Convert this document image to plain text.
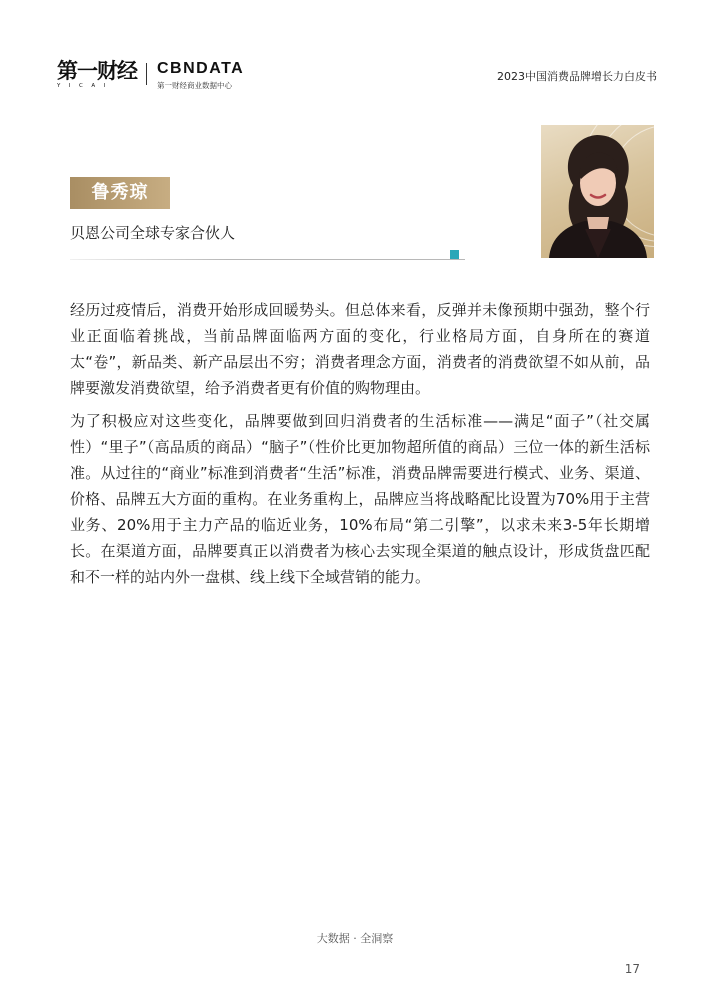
第一财经
YICAI
CBNDATA
第一财经商业数据中心
2023中国消费品牌增长力白皮书
鲁秀琼
贝恩公司全球专家合伙人

经历过疫情后，消费开始形成回暖势头。但总体来看，反弹并未像预期中强劲，整个行业正面临着挑战，当前品牌面临两方面的变化，行业格局方面，自身所在的赛道太“卷”，新品类、新产品层出不穷；消费者理念方面，消费者的消费欲望不如从前，品牌要激发消费欲望，给予消费者更有价值的购物理由。

为了积极应对这些变化，品牌要做到回归消费者的生活标准——满足“面子”（社交属性）“里子”（高品质的商品）“脑子”（性价比更加物超所值的商品）三位一体的新生活标准。从过往的“商业”标准到消费者“生活”标准，消费品牌需要进行模式、业务、渠道、价格、品牌五大方面的重构。在业务重构上，品牌应当将战略配比设置为70%用于主营业务、20%用于主力产品的临近业务，10%布局“第二引擎”，以求未来3-5年长期增长。在渠道方面，品牌要真正以消费者为核心去实现全渠道的触点设计，形成货盘匹配和不一样的站内外一盘棋、线上线下全域营销的能力。

大数据 · 全洞察
17
